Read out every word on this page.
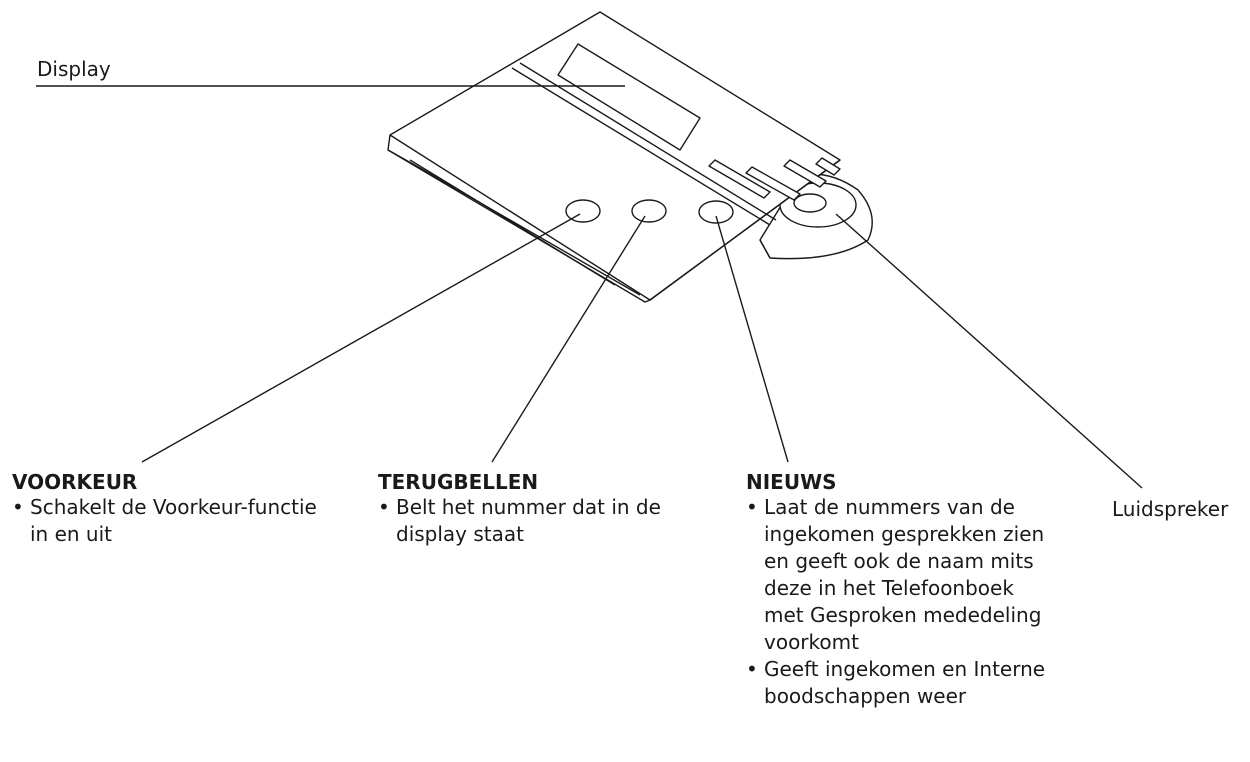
Display
VOORKEUR
• Schakelt de Voorkeur-functie in en uit
TERUGBELLEN
• Belt het nummer dat in de display staat
NIEUWS
• Laat de nummers van de ingekomen gesprekken zien en geeft ook de naam mits deze in het Telefoonboek met Gesproken mededeling voorkomt
• Geeft ingekomen en Interne boodschappen weer
Luidspreker
